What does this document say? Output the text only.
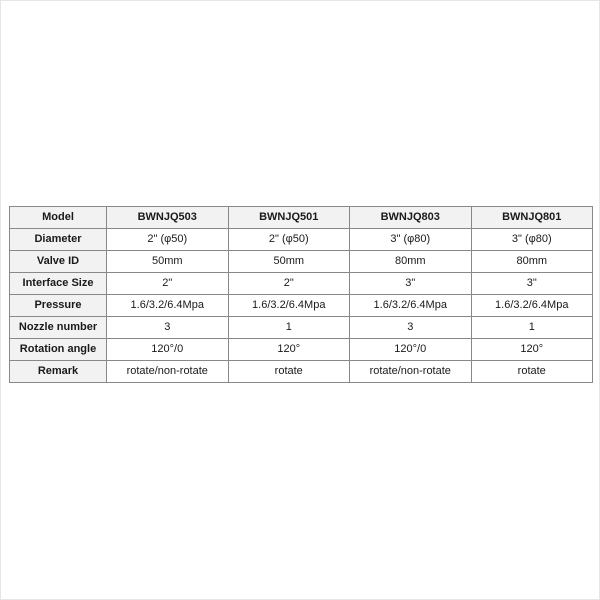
Model	BWNJQ503	BWNJQ501	BWNJQ803	BWNJQ801
Diameter	2" (φ50)	2" (φ50)	3" (φ80)	3" (φ80)
Valve ID	50mm	50mm	80mm	80mm
Interface Size	2"	2"	3"	3"
Pressure	1.6/3.2/6.4Mpa	1.6/3.2/6.4Mpa	1.6/3.2/6.4Mpa	1.6/3.2/6.4Mpa
Nozzle number	3	1	3	1
Rotation angle	120°/0	120°	120°/0	120°
Remark	rotate/non-rotate	rotate	rotate/non-rotate	rotate
